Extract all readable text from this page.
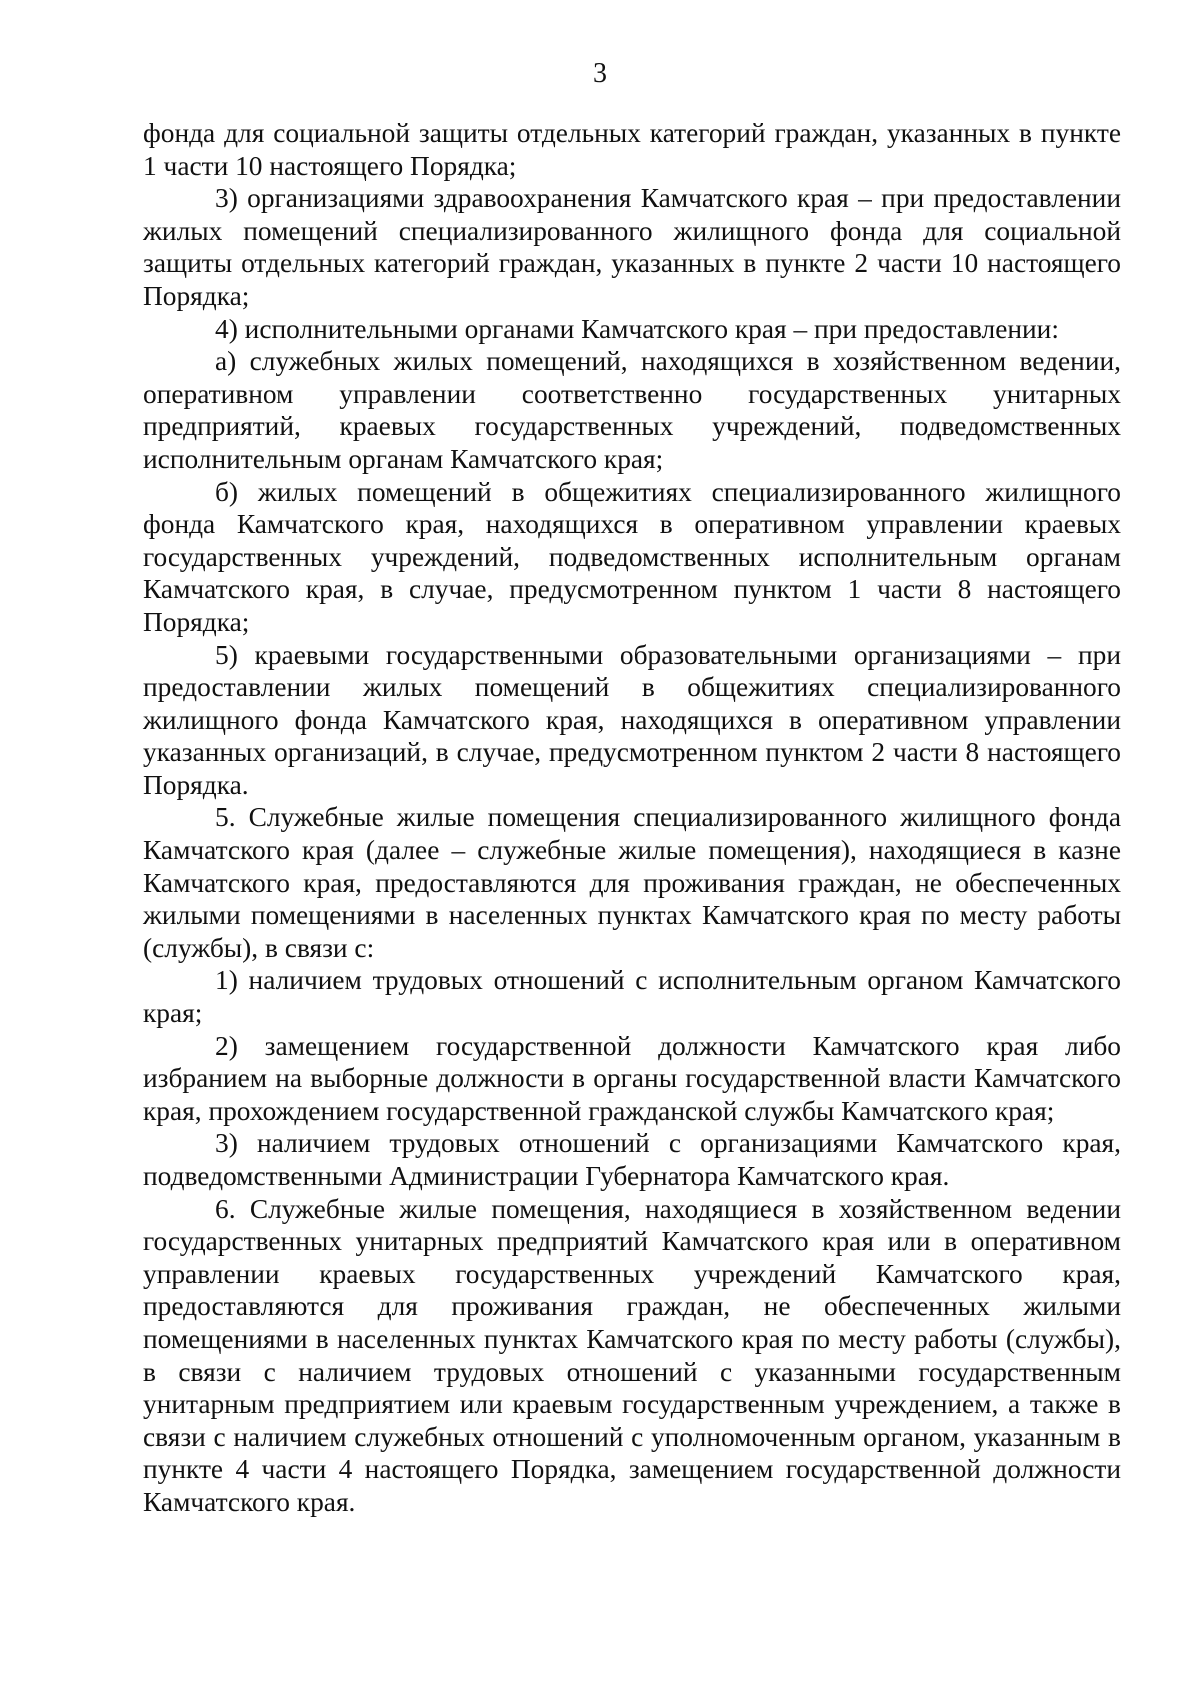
3

фонда для социальной защиты отдельных категорий граждан, указанных в пункте 1 части 10 настоящего Порядка;

3) организациями здравоохранения Камчатского края – при предоставлении жилых помещений специализированного жилищного фонда для социальной защиты отдельных категорий граждан, указанных в пункте 2 части 10 настоящего Порядка;

4) исполнительными органами Камчатского края – при предоставлении:

а) служебных жилых помещений, находящихся в хозяйственном ведении, оперативном управлении соответственно государственных унитарных предприятий, краевых государственных учреждений, подведомственных исполнительным органам Камчатского края;

б) жилых помещений в общежитиях специализированного жилищного фонда Камчатского края, находящихся в оперативном управлении краевых государственных учреждений, подведомственных исполнительным органам Камчатского края, в случае, предусмотренном пунктом 1 части 8 настоящего Порядка;

5) краевыми государственными образовательными организациями – при предоставлении жилых помещений в общежитиях специализированного жилищного фонда Камчатского края, находящихся в оперативном управлении указанных организаций, в случае, предусмотренном пунктом 2 части 8 настоящего Порядка.

5. Служебные жилые помещения специализированного жилищного фонда Камчатского края (далее – служебные жилые помещения), находящиеся в казне Камчатского края, предоставляются для проживания граждан, не обеспеченных жилыми помещениями в населенных пунктах Камчатского края по месту работы (службы), в связи с:

1) наличием трудовых отношений с исполнительным органом Камчатского края;

2) замещением государственной должности Камчатского края либо избранием на выборные должности в органы государственной власти Камчатского края, прохождением государственной гражданской службы Камчатского края;

3) наличием трудовых отношений с организациями Камчатского края, подведомственными Администрации Губернатора Камчатского края.

6. Служебные жилые помещения, находящиеся в хозяйственном ведении государственных унитарных предприятий Камчатского края или в оперативном управлении краевых государственных учреждений Камчатского края, предоставляются для проживания граждан, не обеспеченных жилыми помещениями в населенных пунктах Камчатского края по месту работы (службы), в связи с наличием трудовых отношений с указанными государственным унитарным предприятием или краевым государственным учреждением, а также в связи с наличием служебных отношений с уполномоченным органом, указанным в пункте 4 части 4 настоящего Порядка, замещением государственной должности Камчатского края.
